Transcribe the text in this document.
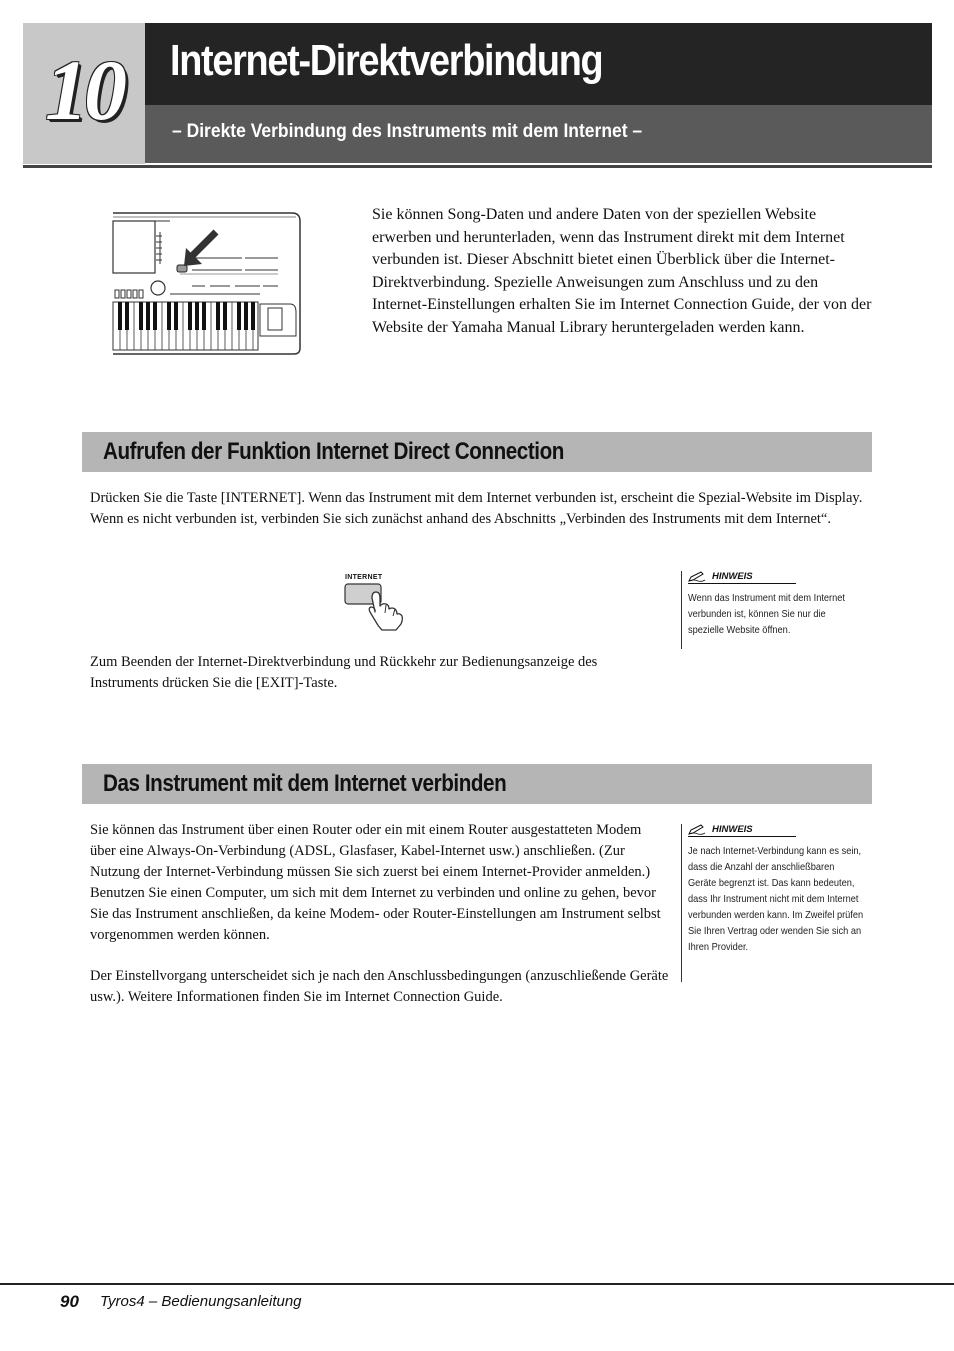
10	Internet-Direktverbindung
– Direkte Verbindung des Instruments mit dem Internet –
Sie können Song-Daten und andere Daten von der speziellen Website erwerben und herunterladen, wenn das Instrument direkt mit dem Internet verbunden ist. Dieser Abschnitt bietet einen Überblick über die Internet-Direktverbindung. Spezielle Anweisungen zum Anschluss und zu den Internet-Einstellungen erhalten Sie im Internet Connection Guide, der von der Website der Yamaha Manual Library heruntergeladen werden kann.
Aufrufen der Funktion Internet Direct Connection
Drücken Sie die Taste [INTERNET]. Wenn das Instrument mit dem Internet verbunden ist, erscheint die Spezial-Website im Display. Wenn es nicht verbunden ist, verbinden Sie sich zunächst anhand des Abschnitts „Verbinden des Instruments mit dem Internet“.
INTERNET
Zum Beenden der Internet-Direktverbindung und Rückkehr zur Bedienungsanzeige des Instruments drücken Sie die [EXIT]-Taste.
HINWEIS
Wenn das Instrument mit dem Internet verbunden ist, können Sie nur die spezielle Website öffnen.
Das Instrument mit dem Internet verbinden
Sie können das Instrument über einen Router oder ein mit einem Router ausgestatteten Modem über eine Always-On-Verbindung (ADSL, Glasfaser, Kabel-Internet usw.) anschließen. (Zur Nutzung der Internet-Verbindung müssen Sie sich zuerst bei einem Internet-Provider anmelden.) Benutzen Sie einen Computer, um sich mit dem Internet zu verbinden und online zu gehen, bevor Sie das Instrument anschließen, da keine Modem- oder Router-Einstellungen am Instrument selbst vorgenommen werden können.
Der Einstellvorgang unterscheidet sich je nach den Anschlussbedingungen (anzuschließende Geräte usw.). Weitere Informationen finden Sie im Internet Connection Guide.
HINWEIS
Je nach Internet-Verbindung kann es sein, dass die Anzahl der anschließbaren Geräte begrenzt ist. Das kann bedeuten, dass Ihr Instrument nicht mit dem Internet verbunden werden kann. Im Zweifel prüfen Sie Ihren Vertrag oder wenden Sie sich an Ihren Provider.
90 Tyros4 – Bedienungsanleitung
